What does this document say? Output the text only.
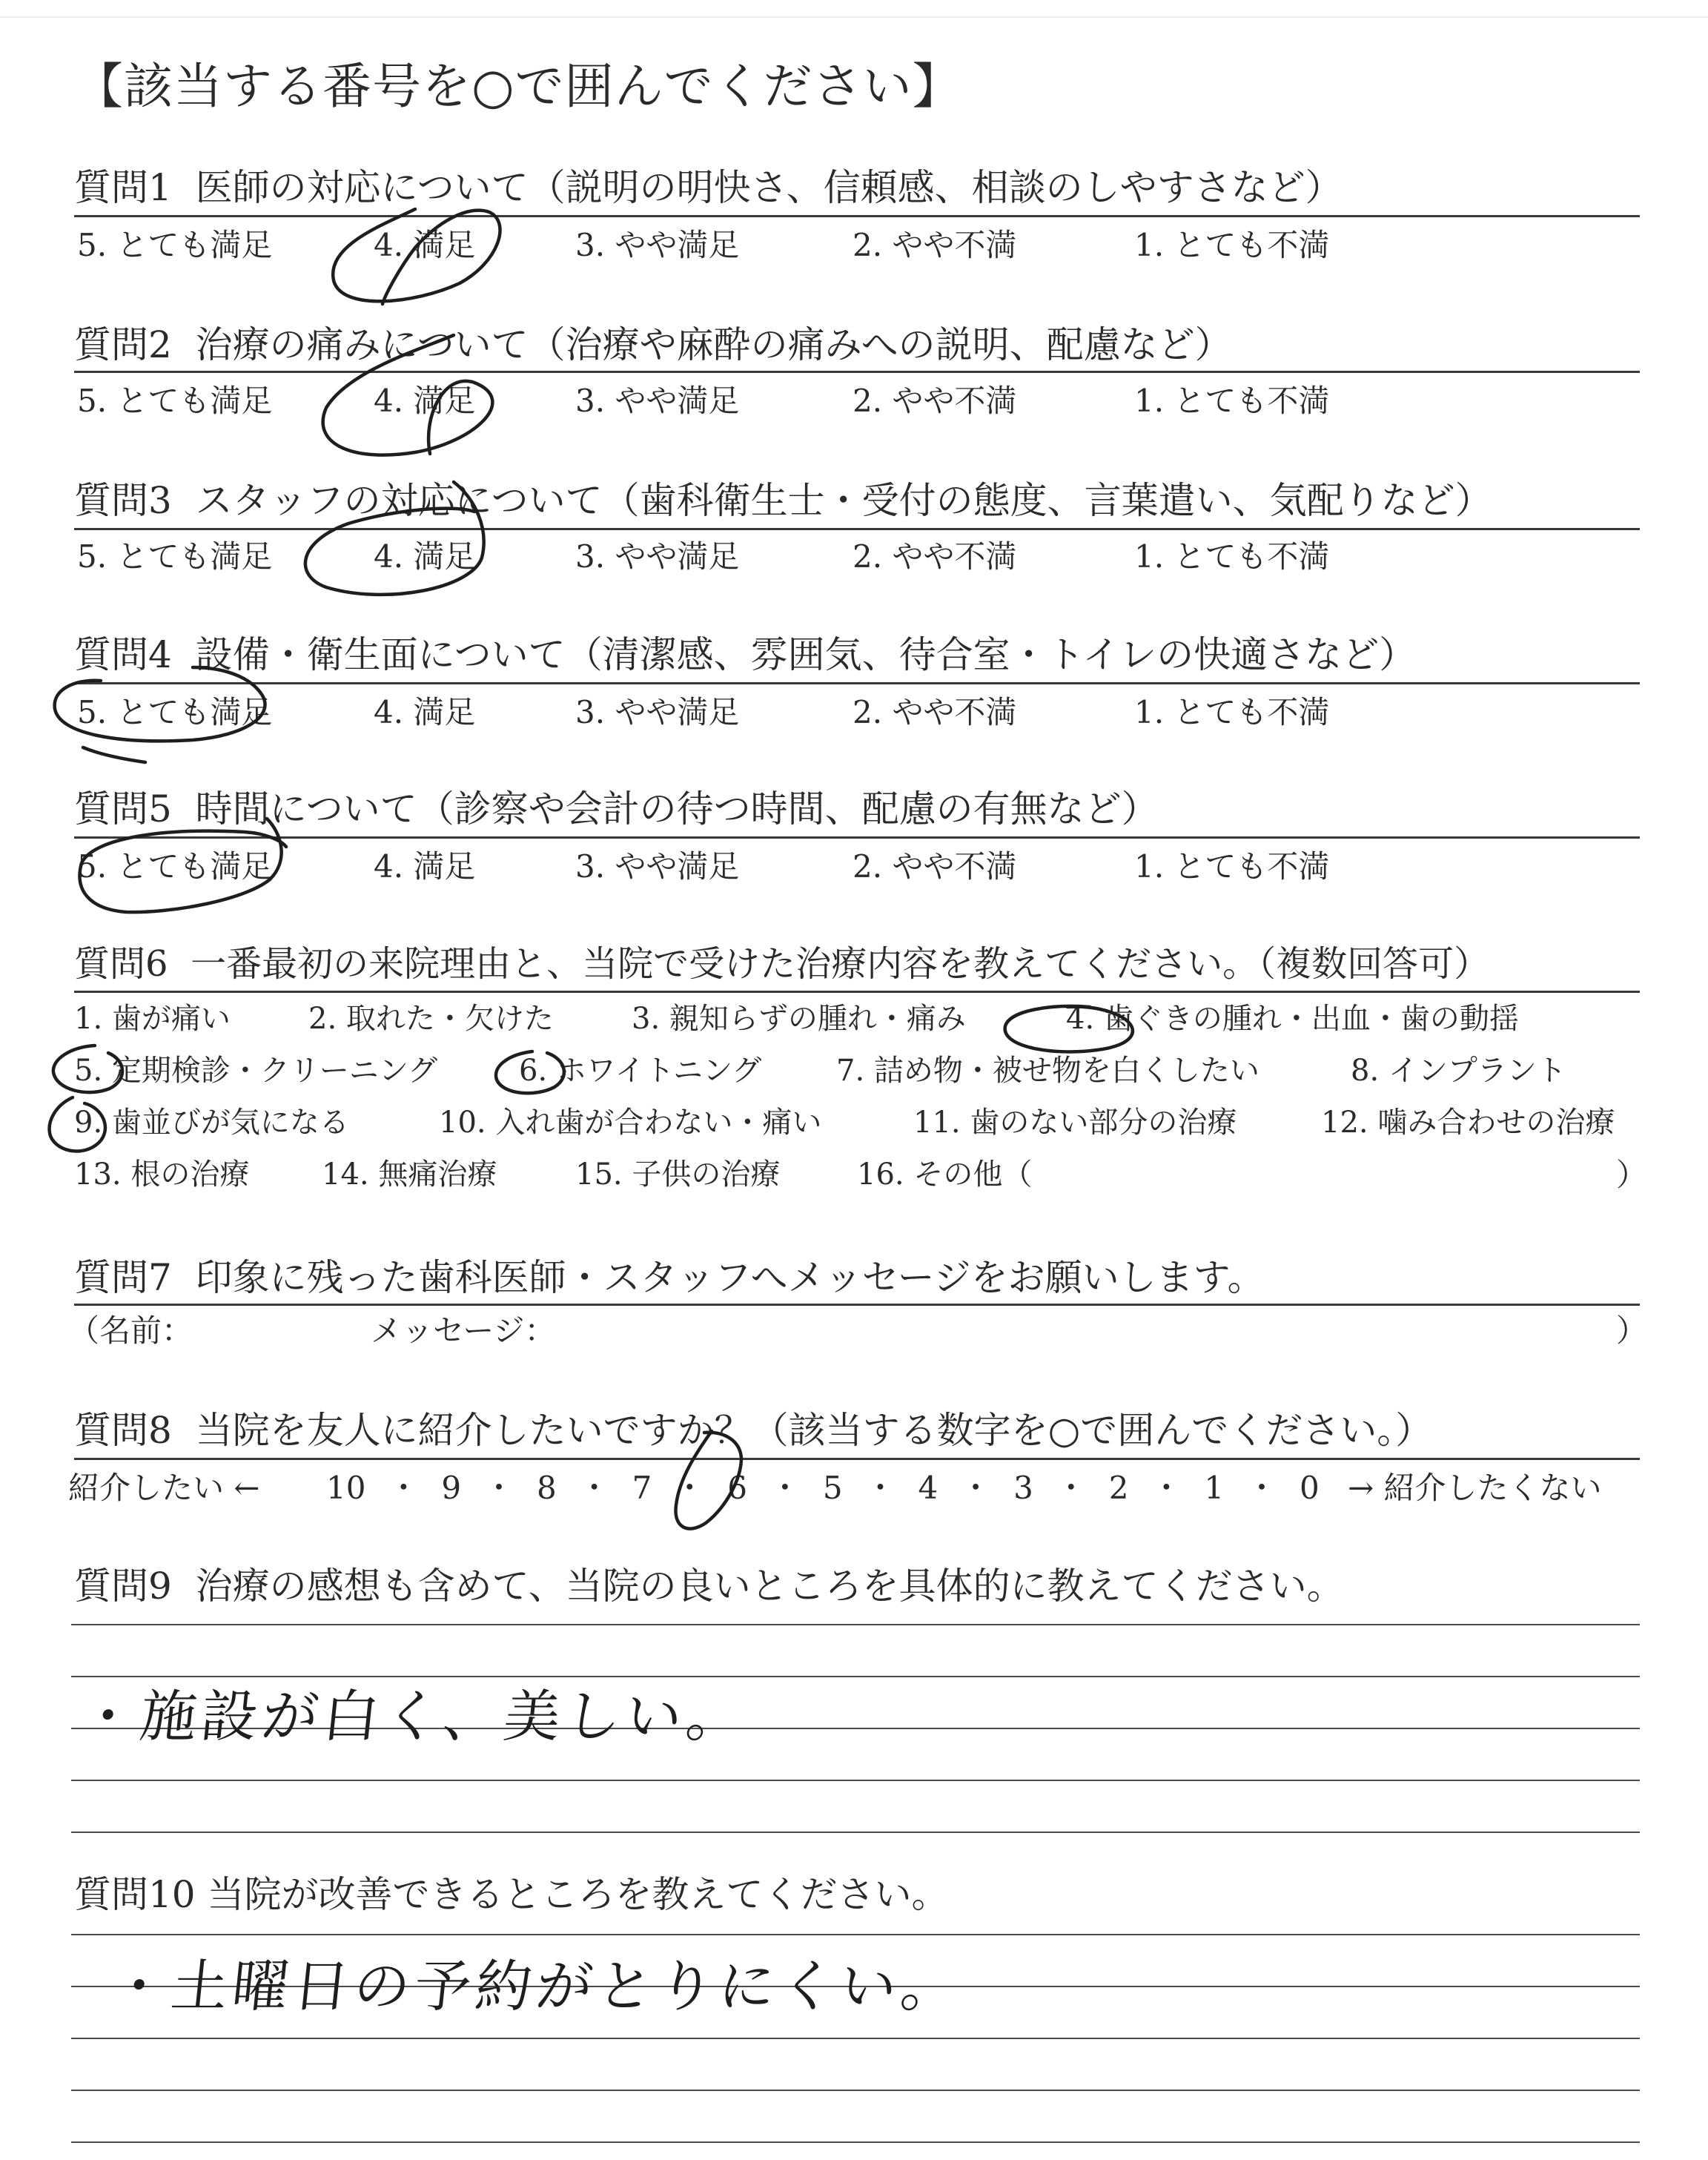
【該当する番号を○で囲んでください】
質問1 医師の対応について（説明の明快さ、信頼感、相談のしやすさなど）
5. とても満足	4. 満足	3. やや満足	2. やや不満	1. とても不満
質問2 治療の痛みについて（治療や麻酔の痛みへの説明、配慮など）
5. とても満足	4. 満足	3. やや満足	2. やや不満	1. とても不満
質問3 スタッフの対応について（歯科衛生士・受付の態度、言葉遣い、気配りなど）
5. とても満足	4. 満足	3. やや満足	2. やや不満	1. とても不満
質問4 設備・衛生面について（清潔感、雰囲気、待合室・トイレの快適さなど）
5. とても満足	4. 満足	3. やや満足	2. やや不満	1. とても不満
質問5 時間について（診察や会計の待つ時間、配慮の有無など）
5. とても満足	4. 満足	3. やや満足	2. やや不満	1. とても不満
質問6 一番最初の来院理由と、当院で受けた治療内容を教えてください。（複数回答可）
1. 歯が痛い	2. 取れた・欠けた	3. 親知らずの腫れ・痛み	4. 歯ぐきの腫れ・出血・歯の動揺
5. 定期検診・クリーニング	6. ホワイトニング	7. 詰め物・被せ物を白くしたい	8. インプラント
9. 歯並びが気になる	10. 入れ歯が合わない・痛い	11. 歯のない部分の治療	12. 噛み合わせの治療
13. 根の治療 14. 無痛治療	15. 子供の治療	16. その他（	）
質問7 印象に残った歯科医師・スタッフへメッセージをお願いします。
（名前：	メッセージ：	）
質問8 当院を友人に紹介したいですか？（該当する数字を○で囲んでください。）
紹介したい ← 10 ・ 9 ・ 8 ・ 7 ・ 6 ・ 5 ・ 4 ・ 3 ・ 2 ・ 1 ・ 0 → 紹介したくない
質問9 治療の感想も含めて、当院の良いところを具体的に教えてください。
・施設が白く、美しい。
質問10 当院が改善できるところを教えてください。
・土曜日の予約がとりにくい。
